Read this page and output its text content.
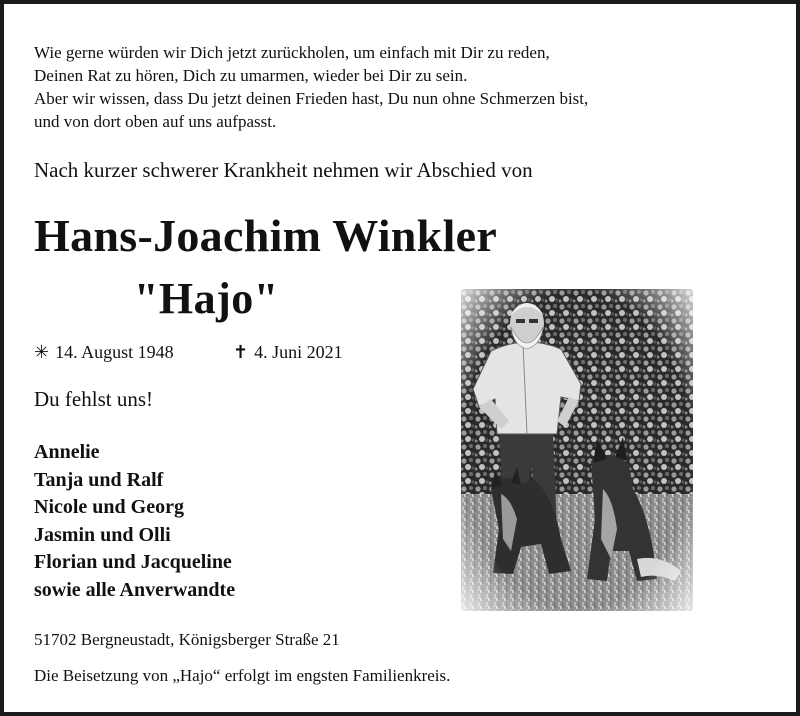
Wie gerne würden wir Dich jetzt zurückholen, um einfach mit Dir zu reden,
Deinen Rat zu hören, Dich zu umarmen, wieder bei Dir zu sein.
Aber wir wissen, dass Du jetzt deinen Frieden hast, Du nun ohne Schmerzen bist,
und von dort oben auf uns aufpasst.
Nach kurzer schwerer Krankheit nehmen wir Abschied von
Hans-Joachim Winkler
"Hajo"
✳ 14. August 1948	✝ 4. Juni 2021
Du fehlst uns!
Annelie
Tanja und Ralf
Nicole und Georg
Jasmin und Olli
Florian und Jacqueline
sowie alle Anverwandte
51702 Bergneustadt, Königsberger Straße 21
Die Beisetzung von „Hajo“ erfolgt im engsten Familienkreis.
